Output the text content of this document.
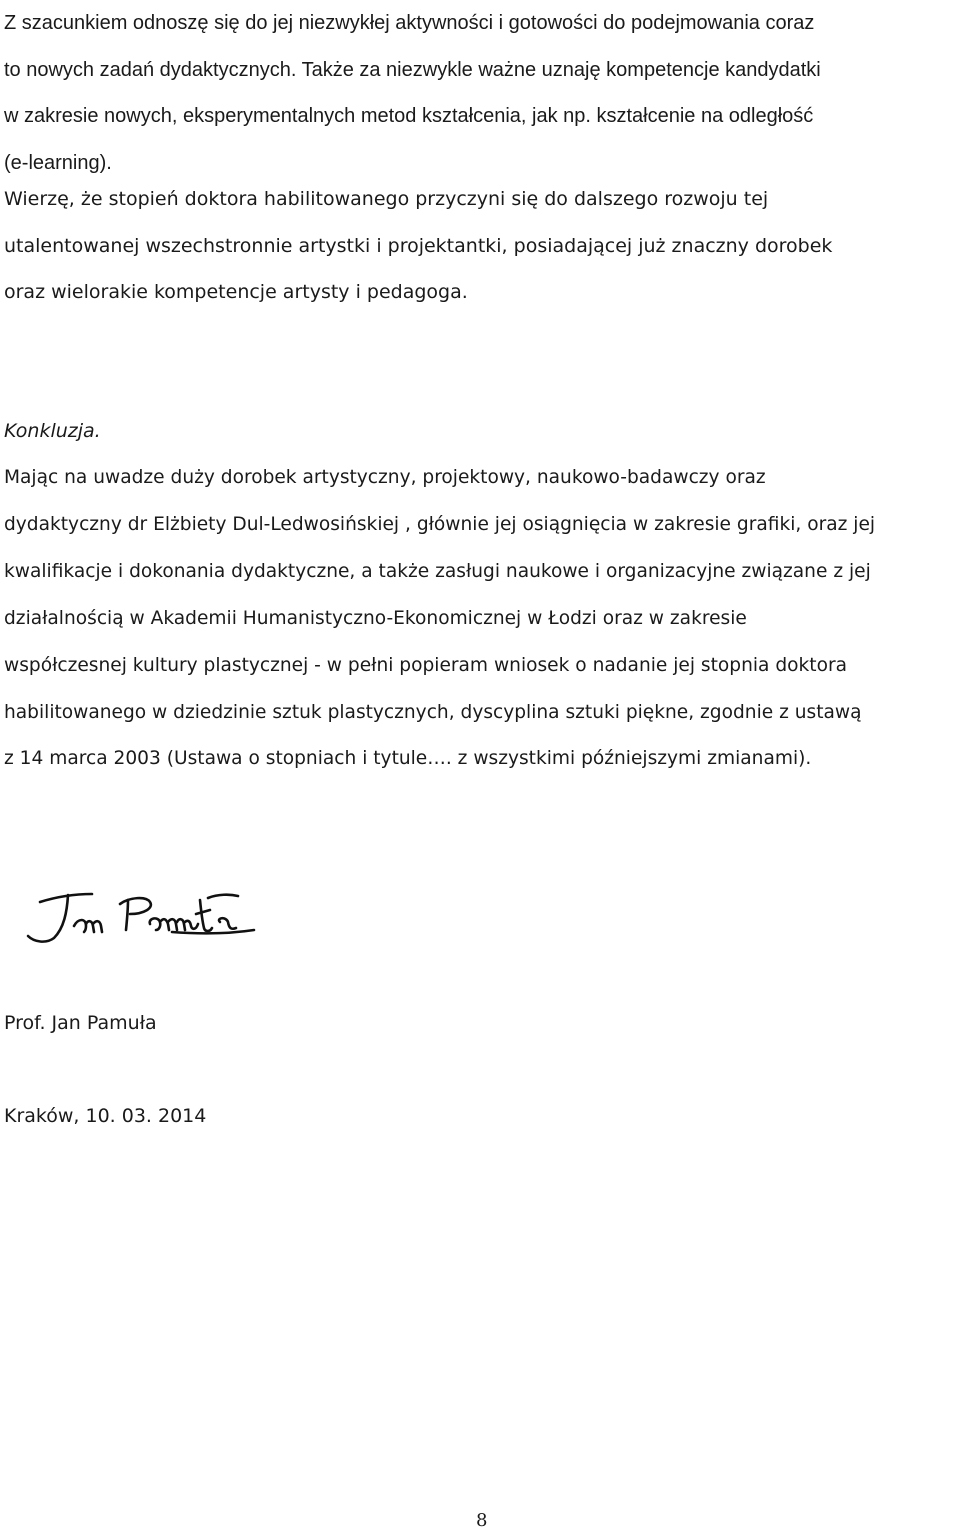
Z szacunkiem odnoszę się do jej niezwykłej aktywności i gotowości do podejmowania coraz
to nowych zadań dydaktycznych. Także za niezwykle ważne uznaję kompetencje kandydatki
w zakresie nowych, eksperymentalnych metod kształcenia, jak np. kształcenie na odległość
(e-learning).

Wierzę, że stopień doktora habilitowanego przyczyni się do dalszego rozwoju tej
utalentowanej wszechstronnie artystki i projektantki, posiadającej już znaczny dorobek
oraz wielorakie kompetencje artysty i pedagoga.

Konkluzja.

Mając na uwadze duży dorobek artystyczny, projektowy, naukowo-badawczy oraz
dydaktyczny dr Elżbiety Dul-Ledwosińskiej , głównie jej osiągnięcia w zakresie grafiki, oraz jej
kwalifikacje i dokonania dydaktyczne, a także zasługi naukowe i organizacyjne związane z jej
działalnością w Akademii Humanistyczno-Ekonomicznej w Łodzi oraz w zakresie
współczesnej kultury plastycznej - w pełni popieram wniosek o nadanie jej stopnia doktora
habilitowanego w dziedzinie sztuk plastycznych, dyscyplina sztuki piękne, zgodnie z ustawą
z 14 marca 2003 (Ustawa o stopniach i tytule…. z wszystkimi późniejszymi zmianami).

Prof. Jan Pamuła

Kraków, 10. 03. 2014

8
